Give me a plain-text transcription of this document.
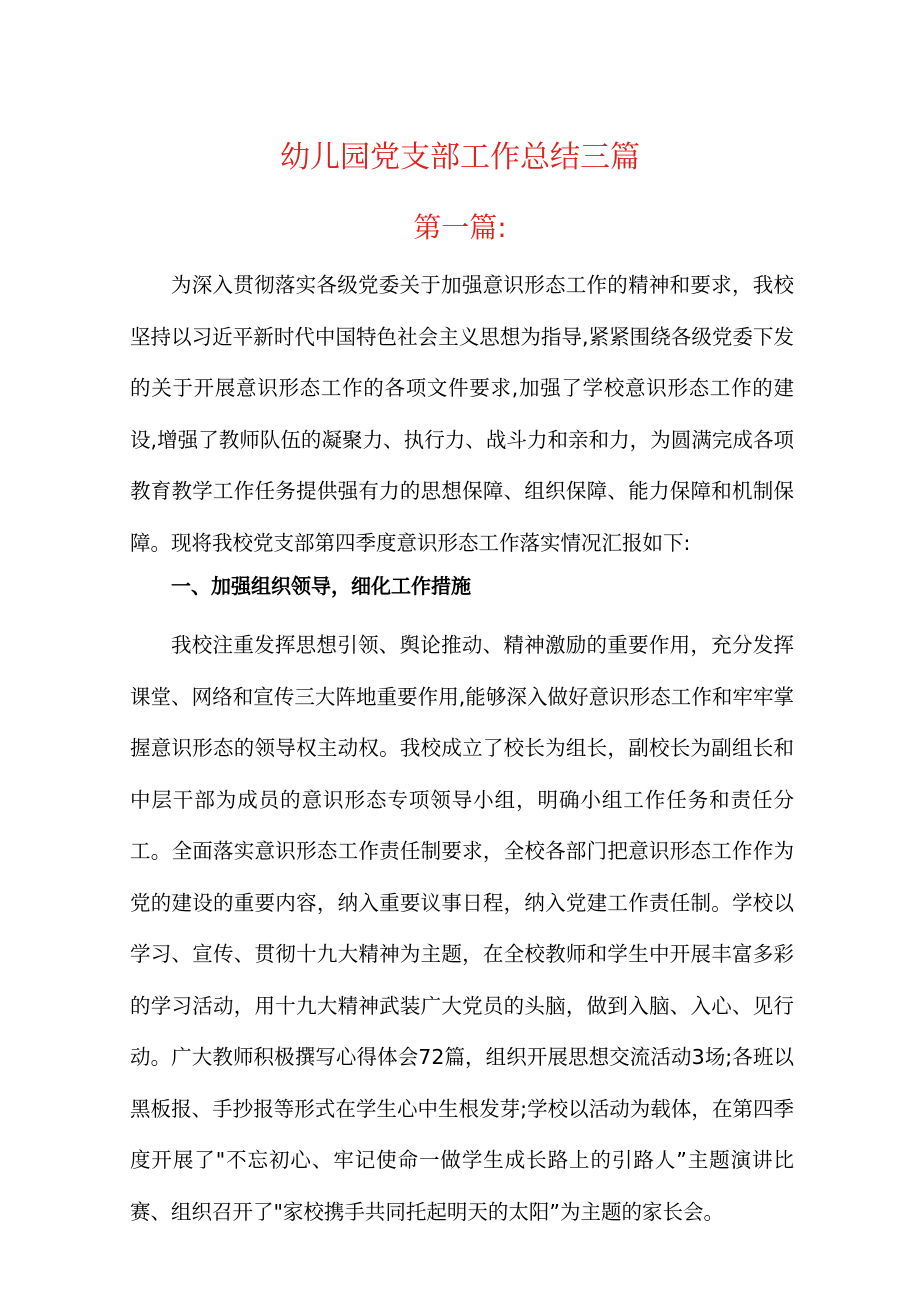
幼儿园党支部工作总结三篇
第一篇:

为深入贯彻落实各级党委关于加强意识形态工作的精神和要求，我校坚持以习近平新时代中国特色社会主义思想为指导,紧紧围绕各级党委下发的关于开展意识形态工作的各项文件要求,加强了学校意识形态工作的建设,增强了教师队伍的凝聚力、执行力、战斗力和亲和力，为圆满完成各项教育教学工作任务提供强有力的思想保障、组织保障、能力保障和机制保障。现将我校党支部第四季度意识形态工作落实情况汇报如下:

一、加强组织领导，细化工作措施

我校注重发挥思想引领、舆论推动、精神激励的重要作用，充分发挥课堂、网络和宣传三大阵地重要作用,能够深入做好意识形态工作和牢牢掌握意识形态的领导权主动权。我校成立了校长为组长，副校长为副组长和中层干部为成员的意识形态专项领导小组，明确小组工作任务和责任分工。全面落实意识形态工作责任制要求，全校各部门把意识形态工作作为党的建设的重要内容，纳入重要议事日程，纳入党建工作责任制。学校以学习、宣传、贯彻十九大精神为主题，在全校教师和学生中开展丰富多彩的学习活动，用十九大精神武装广大党员的头脑，做到入脑、入心、见行动。广大教师积极撰写心得体会72篇，组织开展思想交流活动3场;各班以黑板报、手抄报等形式在学生心中生根发芽;学校以活动为载体，在第四季度开展了"不忘初心、牢记使命一做学生成长路上的引路人”主题演讲比赛、组织召开了"家校携手共同托起明天的太阳”为主题的家长会。
